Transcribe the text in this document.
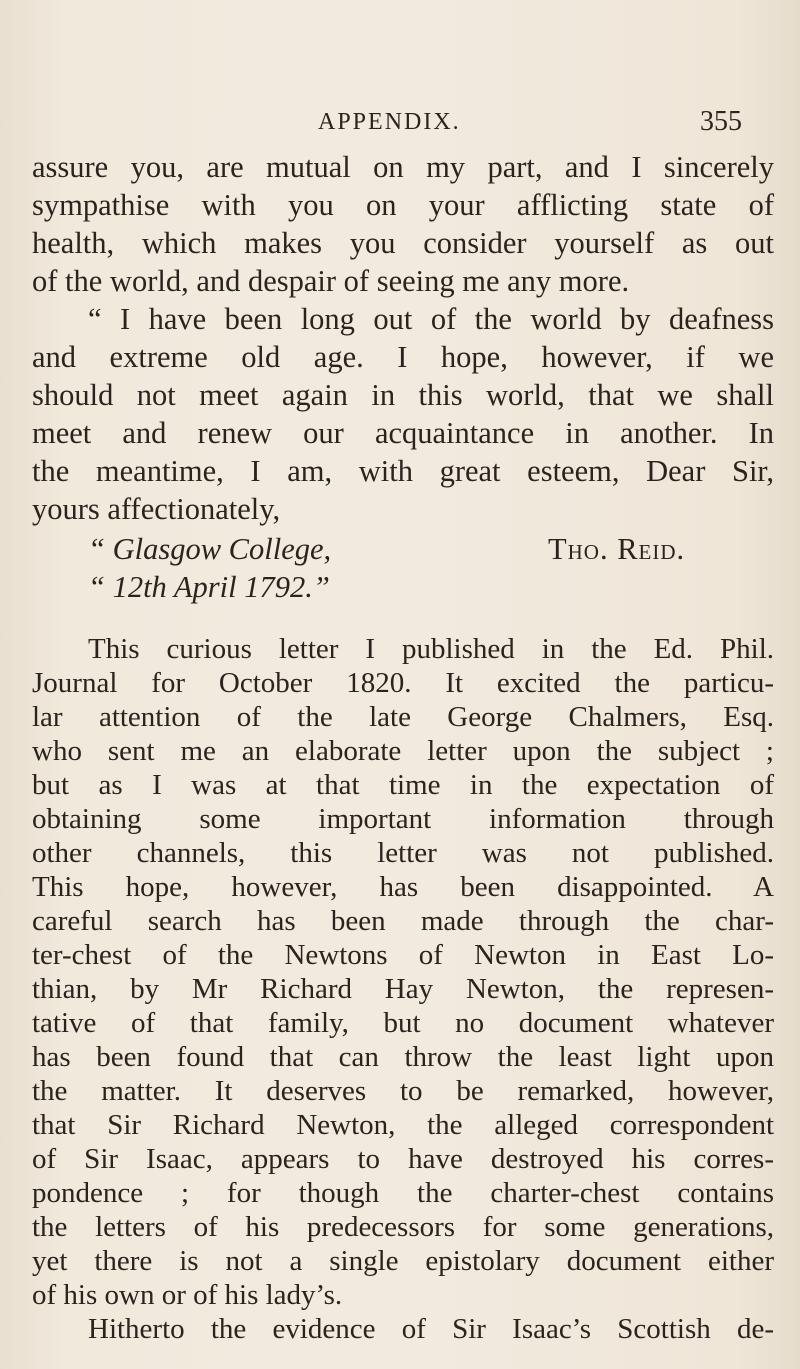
APPENDIX.	355
assure you, are mutual on my part, and I sincerely
sympathise with you on your afflicting state of
health, which makes you consider yourself as out
of the world, and despair of seeing me any more.
“ I have been long out of the world by deafness
and extreme old age. I hope, however, if we
should not meet again in this world, that we shall
meet and renew our acquaintance in another. In
the meantime, I am, with great esteem, Dear Sir,
yours affectionately,
“ Glasgow College,	Tho. Reid.
“ 12th April 1792.”
This curious letter I published in the Ed. Phil.
Journal for October 1820. It excited the particu-
lar attention of the late George Chalmers, Esq.
who sent me an elaborate letter upon the subject ;
but as I was at that time in the expectation of
obtaining some important information through
other channels, this letter was not published.
This hope, however, has been disappointed. A
careful search has been made through the char-
ter-chest of the Newtons of Newton in East Lo-
thian, by Mr Richard Hay Newton, the represen-
tative of that family, but no document whatever
has been found that can throw the least light upon
the matter. It deserves to be remarked, however,
that Sir Richard Newton, the alleged correspondent
of Sir Isaac, appears to have destroyed his corres-
pondence ; for though the charter-chest contains
the letters of his predecessors for some generations,
yet there is not a single epistolary document either
of his own or of his lady’s.
Hitherto the evidence of Sir Isaac’s Scottish de-
